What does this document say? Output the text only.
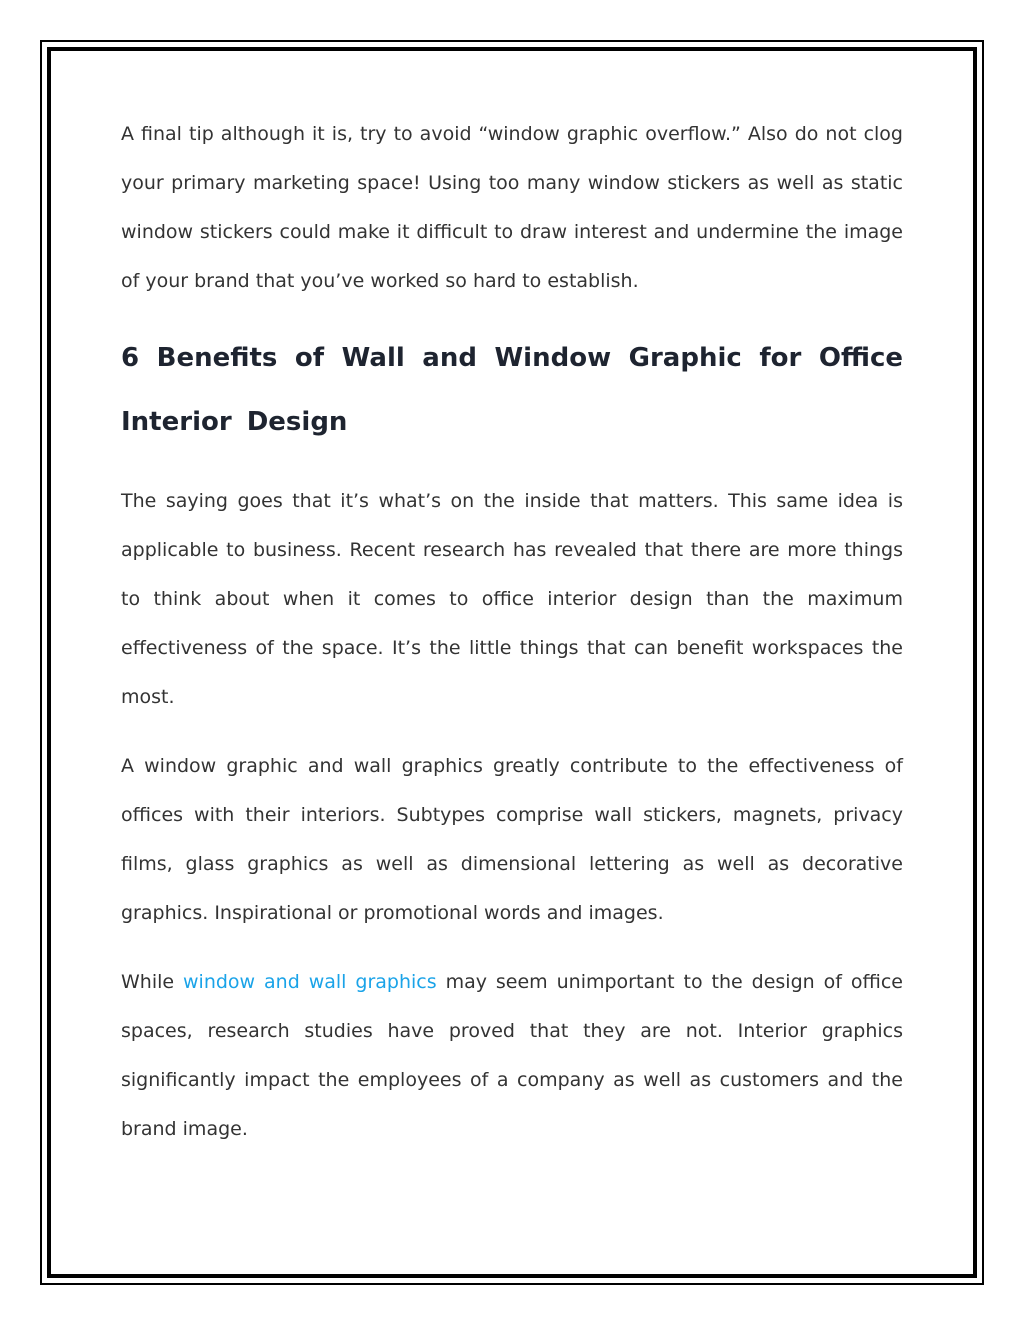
A final tip although it is, try to avoid “window graphic overflow.” Also do not clog your primary marketing space! Using too many window stickers as well as static window stickers could make it difficult to draw interest and undermine the image of your brand that you’ve worked so hard to establish.

6 Benefits of Wall and Window Graphic for Office Interior Design

The saying goes that it’s what’s on the inside that matters. This same idea is applicable to business. Recent research has revealed that there are more things to think about when it comes to office interior design than the maximum effectiveness of the space. It’s the little things that can benefit workspaces the most.

A window graphic and wall graphics greatly contribute to the effectiveness of offices with their interiors. Subtypes comprise wall stickers, magnets, privacy films, glass graphics as well as dimensional lettering as well as decorative graphics. Inspirational or promotional words and images.

While window and wall graphics may seem unimportant to the design of office spaces, research studies have proved that they are not. Interior graphics significantly impact the employees of a company as well as customers and the brand image.
